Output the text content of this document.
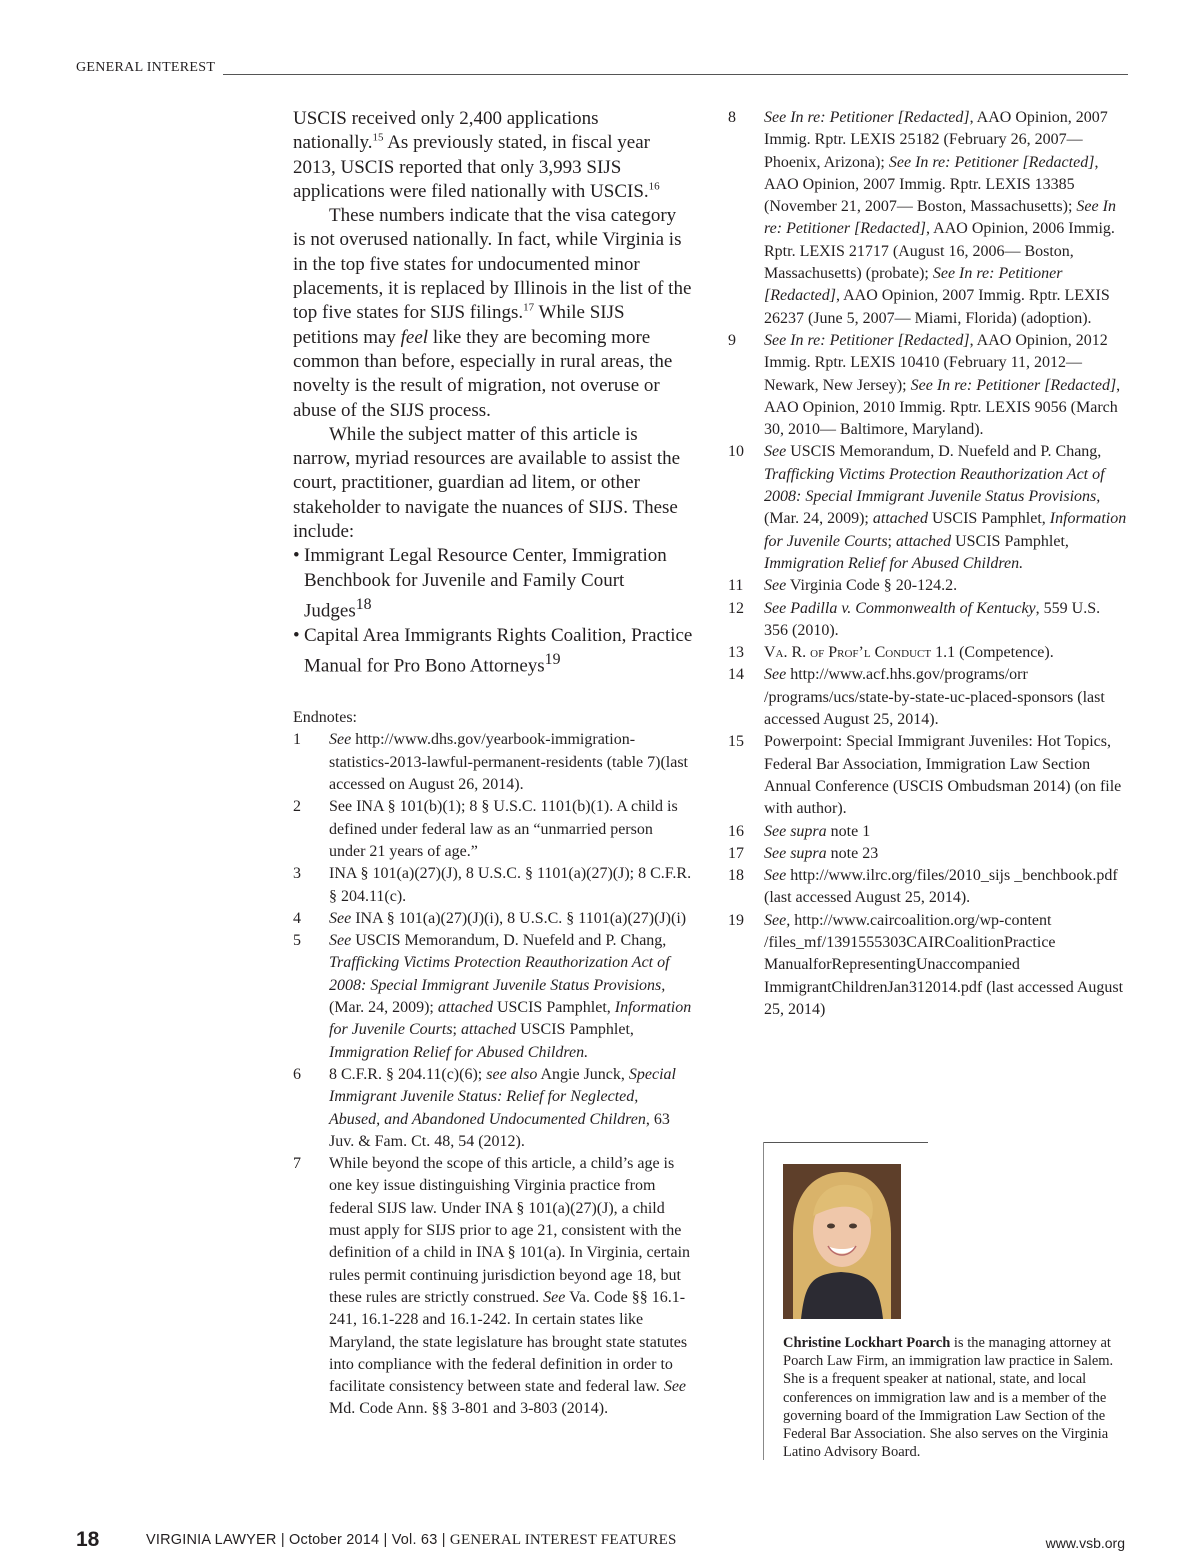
GENERAL INTEREST

USCIS received only 2,400 applications nationally.$^{15}$ As previously stated, in fiscal year 2013, USCIS reported that only 3,993 SIJS applications were filed nationally with USCIS.$^{16}$

These numbers indicate that the visa category is not overused nationally. In fact, while Virginia is in the top five states for undocumented minor placements, it is replaced by Illinois in the list of the top five states for SIJS filings.$^{17}$ While SIJS petitions may feel like they are becoming more common than before, especially in rural areas, the novelty is the result of migration, not overuse or abuse of the SIJS process.

While the subject matter of this article is narrow, myriad resources are available to assist the court, practitioner, guardian ad litem, or other stakeholder to navigate the nuances of SIJS. These include:

• Immigrant Legal Resource Center, Immigration Benchbook for Juvenile and Family Court Judges$^{18}$
• Capital Area Immigrants Rights Coalition, Practice Manual for Pro Bono Attorneys$^{19}$

Endnotes:

1	See http://www.dhs.gov/yearbook-immigration-statistics-2013-lawful-permanent-residents (table 7)(last accessed on August 26, 2014).
2	See INA § 101(b)(1); 8 § U.S.C. 1101(b)(1). A child is defined under federal law as an “unmarried person under 21 years of age.”
3	INA § 101(a)(27)(J), 8 U.S.C. § 1101(a)(27)(J); 8 C.F.R. § 204.11(c).
4	See INA § 101(a)(27)(J)(i), 8 U.S.C. § 1101(a)(27)(J)(i)
5	See USCIS Memorandum, D. Nuefeld and P. Chang, Trafficking Victims Protection Reauthorization Act of 2008: Special Immigrant Juvenile Status Provisions, (Mar. 24, 2009); attached USCIS Pamphlet, Information for Juvenile Courts; attached USCIS Pamphlet, Immigration Relief for Abused Children.
6	8 C.F.R. § 204.11(c)(6); see also Angie Junck, Special Immigrant Juvenile Status: Relief for Neglected, Abused, and Abandoned Undocumented Children, 63 Juv. & Fam. Ct. 48, 54 (2012).
7	While beyond the scope of this article, a child’s age is one key issue distinguishing Virginia practice from federal SIJS law. Under INA § 101(a)(27)(J), a child must apply for SIJS prior to age 21, consistent with the definition of a child in INA § 101(a). In Virginia, certain rules permit continuing jurisdiction beyond age 18, but these rules are strictly construed. See Va. Code §§ 16.1-241, 16.1-228 and 16.1-242. In certain states like Maryland, the state legislature has brought state statutes into compliance with the federal definition in order to facilitate consistency between state and federal law. See Md. Code Ann. §§ 3-801 and 3-803 (2014).
8	See In re: Petitioner [Redacted], AAO Opinion, 2007 Immig. Rptr. LEXIS 25182 (February 26, 2007— Phoenix, Arizona); See In re: Petitioner [Redacted], AAO Opinion, 2007 Immig. Rptr. LEXIS 13385 (November 21, 2007— Boston, Massachusetts); See In re: Petitioner [Redacted], AAO Opinion, 2006 Immig. Rptr. LEXIS 21717 (August 16, 2006— Boston, Massachusetts) (probate); See In re: Petitioner [Redacted], AAO Opinion, 2007 Immig. Rptr. LEXIS 26237 (June 5, 2007— Miami, Florida) (adoption).
9	See In re: Petitioner [Redacted], AAO Opinion, 2012 Immig. Rptr. LEXIS 10410 (February 11, 2012— Newark, New Jersey); See In re: Petitioner [Redacted], AAO Opinion, 2010 Immig. Rptr. LEXIS 9056 (March 30, 2010— Baltimore, Maryland).
10	See USCIS Memorandum, D. Nuefeld and P. Chang, Trafficking Victims Protection Reauthorization Act of 2008: Special Immigrant Juvenile Status Provisions, (Mar. 24, 2009); attached USCIS Pamphlet, Information for Juvenile Courts; attached USCIS Pamphlet, Immigration Relief for Abused Children.
11	See Virginia Code § 20-124.2.
12	See Padilla v. Commonwealth of Kentucky, 559 U.S. 356 (2010).
13	Va. R. of Prof’l Conduct 1.1 (Competence).
14	See http://www.acf.hhs.gov/programs/orr /programs/ucs/state-by-state-uc-placed-sponsors (last accessed August 25, 2014).
15	Powerpoint: Special Immigrant Juveniles: Hot Topics, Federal Bar Association, Immigration Law Section Annual Conference (USCIS Ombudsman 2014) (on file with author).
16	See supra note 1
17	See supra note 23
18	See http://www.ilrc.org/files/2010_sijs _benchbook.pdf (last accessed August 25, 2014).
19	See, http://www.caircoalition.org/wp-content /files_mf/1391555303CAIRCoalitionPractice ManualforRepresentingUnaccompanied ImmigrantChildrenJan312014.pdf (last accessed August 25, 2014)
Christine Lockhart Poarch is the managing attorney at Poarch Law Firm, an immigration law practice in Salem. She is a frequent speaker at national, state, and local conferences on immigration law and is a member of the governing board of the Immigration Law Section of the Federal Bar Association. She also serves on the Virginia Latino Advisory Board.
18	VIRGINIA LAWYER | October 2014 | Vol. 63 | GENERAL INTEREST FEATURES	www.vsb.org
